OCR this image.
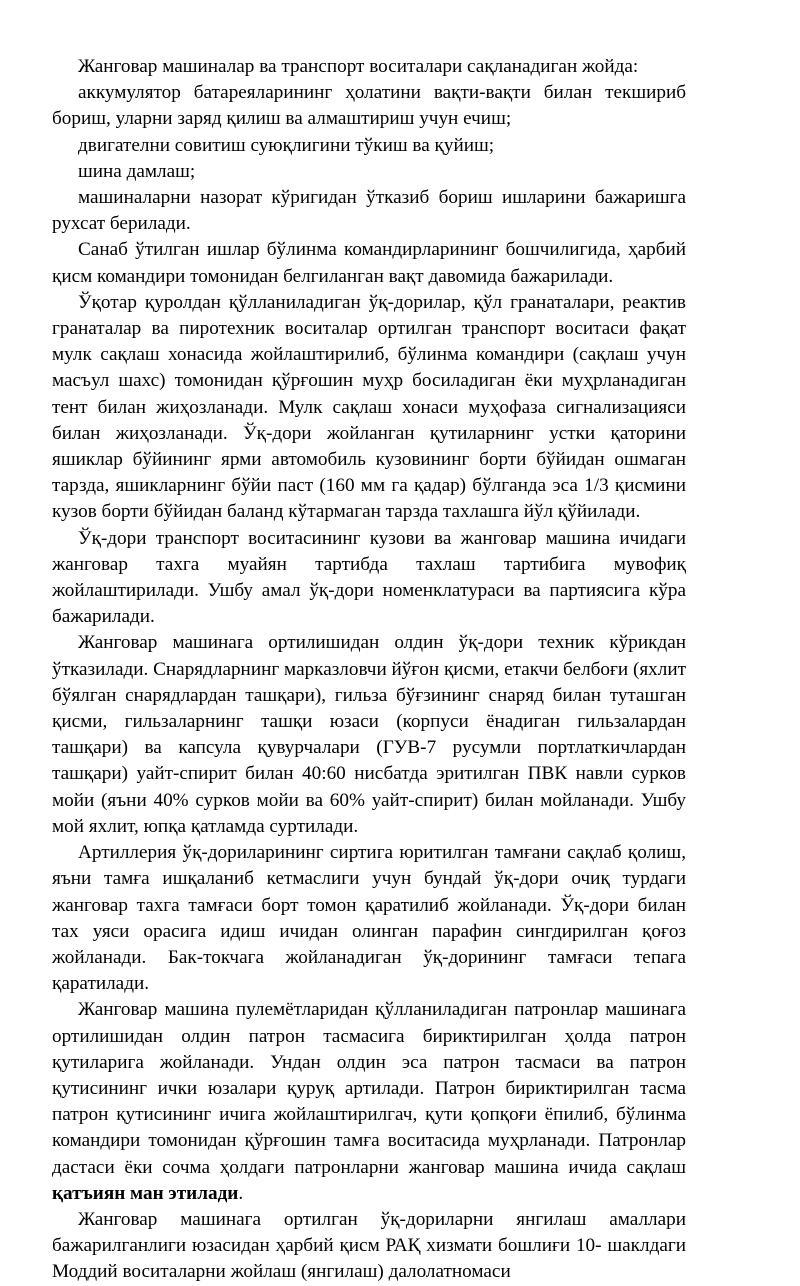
Жанговар машиналар ва транспорт воситалари сақланадиган жойда:

аккумулятор батареяларининг ҳолатини вақти-вақти билан текшириб бориш, уларни заряд қилиш ва алмаштириш учун ечиш;

двигателни совитиш суюқлигини тўкиш ва қуйиш;

шина дамлаш;

машиналарни назорат кўригидан ўтказиб бориш ишларини бажаришга рухсат берилади.

Санаб ўтилган ишлар бўлинма командирларининг бошчилигида, ҳарбий қисм командири томонидан белгиланган вақт давомида бажарилади.

Ўқотар қуролдан қўлланиладиган ўқ-дорилар, қўл гранаталари, реактив гранаталар ва пиротехник воситалар ортилган транспорт воситаси фақат мулк сақлаш хонасида жойлаштирилиб, бўлинма командири (сақлаш учун масъул шахс) томонидан қўрғошин муҳр босиладиган ёки муҳрланадиган тент билан жиҳозланади. Мулк сақлаш хонаси муҳофаза сигнализацияси билан жиҳозланади. Ўқ-дори жойланган қутиларнинг устки қаторини яшиклар бўйининг ярми автомобиль кузовининг борти бўйидан ошмаган тарзда, яшикларнинг бўйи паст (160 мм га қадар) бўлганда эса 1/3 қисмини кузов борти бўйидан баланд кўтармаган тарзда тахлашга йўл қўйилади.

Ўқ-дори транспорт воситасининг кузови ва жанговар машина ичидаги жанговар тахга муайян тартибда тахлаш тартибига мувофиқ жойлаштирилади. Ушбу амал ўқ-дори номенклатураси ва партиясига кўра бажарилади.

Жанговар машинага ортилишидан олдин ўқ-дори техник кўрикдан ўтказилади. Снарядларнинг марказловчи йўғон қисми, етакчи белбоғи (яхлит бўялган снарядлардан ташқари), гильза бўғзининг снаряд билан туташган қисми, гильзаларнинг ташқи юзаси (корпуси ёнадиган гильзалардан ташқари) ва капсула қувурчалари (ГУВ-7 русумли портлаткичлардан ташқари) уайт-спирит билан 40:60 нисбатда эритилган ПВК навли сурков мойи (яъни 40% сурков мойи ва 60% уайт-спирит) билан мойланади. Ушбу мой яхлит, юпқа қатламда суртилади.

Артиллерия ўқ-дориларининг сиртига юритилган тамғани сақлаб қолиш, яъни тамға ишқаланиб кетмаслиги учун бундай ўқ-дори очиқ турдаги жанговар тахга тамғаси борт томон қаратилиб жойланади. Ўқ-дори билан тах уяси орасига идиш ичидан олинган парафин сингдирилган қоғоз жойланади. Бак-токчага жойланадиган ўқ-дорининг тамғаси тепага қаратилади.

Жанговар машина пулемётларидан қўлланиладиган патронлар машинага ортилишидан олдин патрон тасмасига бириктирилган ҳолда патрон қутиларига жойланади. Ундан олдин эса патрон тасмаси ва патрон қутисининг ички юзалари қуруқ артилади. Патрон бириктирилган тасма патрон қутисининг ичига жойлаштирилгач, қути қопқоғи ёпилиб, бўлинма командири томонидан қўрғошин тамға воситасида муҳрланади. Патронлар дастаси ёки сочма ҳолдаги патронларни жанговар машина ичида сақлаш қатъиян ман этилади.

Жанговар машинага ортилган ўқ-дориларни янгилаш амаллари бажарилганлиги юзасидан ҳарбий қисм РАҚ хизмати бошлиғи 10- шаклдаги Моддий воситаларни жойлаш (янгилаш) далолатномаси
